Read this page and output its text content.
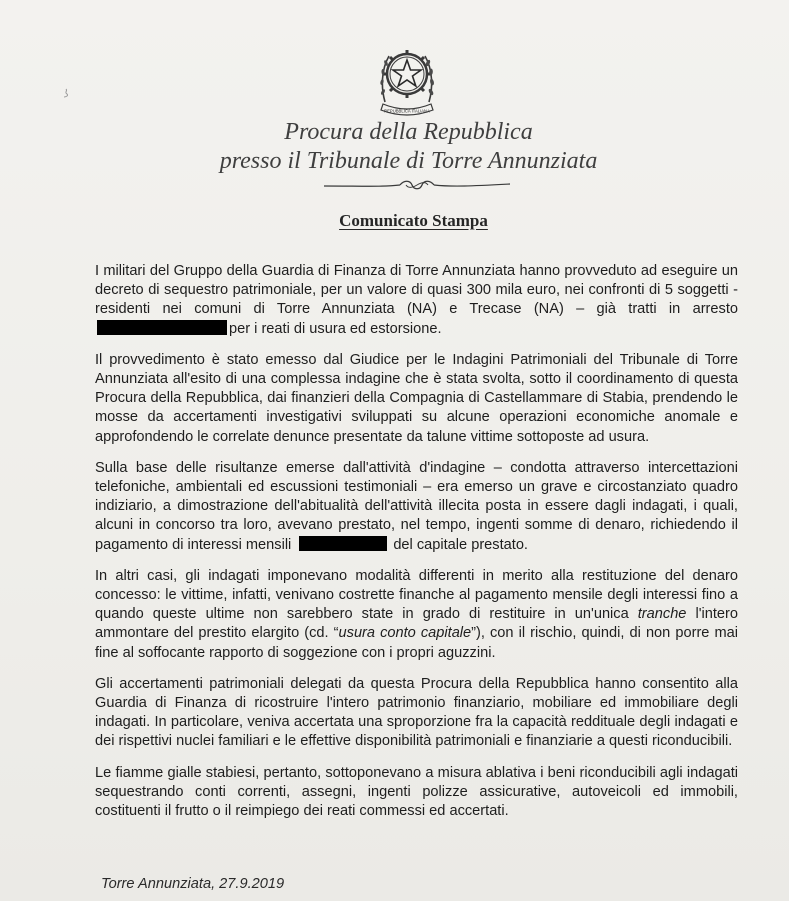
REPUBBLICA ITALIANA
Procura della Repubblica
presso il Tribunale di Torre Annunziata
Comunicato Stampa

I militari del Gruppo della Guardia di Finanza di Torre Annunziata hanno provveduto ad eseguire un decreto di sequestro patrimoniale, per un valore di quasi 300 mila euro, nei confronti di 5 soggetti - residenti nei comuni di Torre Annunziata (NA) e Trecase (NA) – già tratti in arrestoper i reati di usura ed estorsione.

Il provvedimento è stato emesso dal Giudice per le Indagini Patrimoniali del Tribunale di Torre Annunziata all'esito di una complessa indagine che è stata svolta, sotto il coordinamento di questa Procura della Repubblica, dai finanzieri della Compagnia di Castellammare di Stabia, prendendo le mosse da accertamenti investigativi sviluppati su alcune operazioni economiche anomale e approfondendo le correlate denunce presentate da talune vittime sottoposte ad usura.

Sulla base delle risultanze emerse dall'attività d'indagine – condotta attraverso intercettazioni telefoniche, ambientali ed escussioni testimoniali – era emerso un grave e circostanziato quadro indiziario, a dimostrazione dell'abitualità dell'attività illecita posta in essere dagli indagati, i quali, alcuni in concorso tra loro, avevano prestato, nel tempo, ingenti somme di denaro, richiedendo il pagamento di interessi mensili	del capitale prestato.

In altri casi, gli indagati imponevano modalità differenti in merito alla restituzione del denaro concesso: le vittime, infatti, venivano costrette finanche al pagamento mensile degli interessi fino a quando queste ultime non sarebbero state in grado di restituire in un'unica tranche l'intero ammontare del prestito elargito (cd. “usura conto capitale”), con il rischio, quindi, di non porre mai fine al soffocante rapporto di soggezione con i propri aguzzini.

Gli accertamenti patrimoniali delegati da questa Procura della Repubblica hanno consentito alla Guardia di Finanza di ricostruire l'intero patrimonio finanziario, mobiliare ed immobiliare degli indagati. In particolare, veniva accertata una sproporzione fra la capacità reddituale degli indagati e dei rispettivi nuclei familiari e le effettive disponibilità patrimoniali e finanziarie a questi riconducibili.

Le fiamme gialle stabiesi, pertanto, sottoponevano a misura ablativa i beni riconducibili agli indagati sequestrando conti correnti, assegni, ingenti polizze assicurative, autoveicoli ed immobili, costituenti il frutto o il reimpiego dei reati commessi ed accertati.

Torre Annunziata, 27.9.2019
